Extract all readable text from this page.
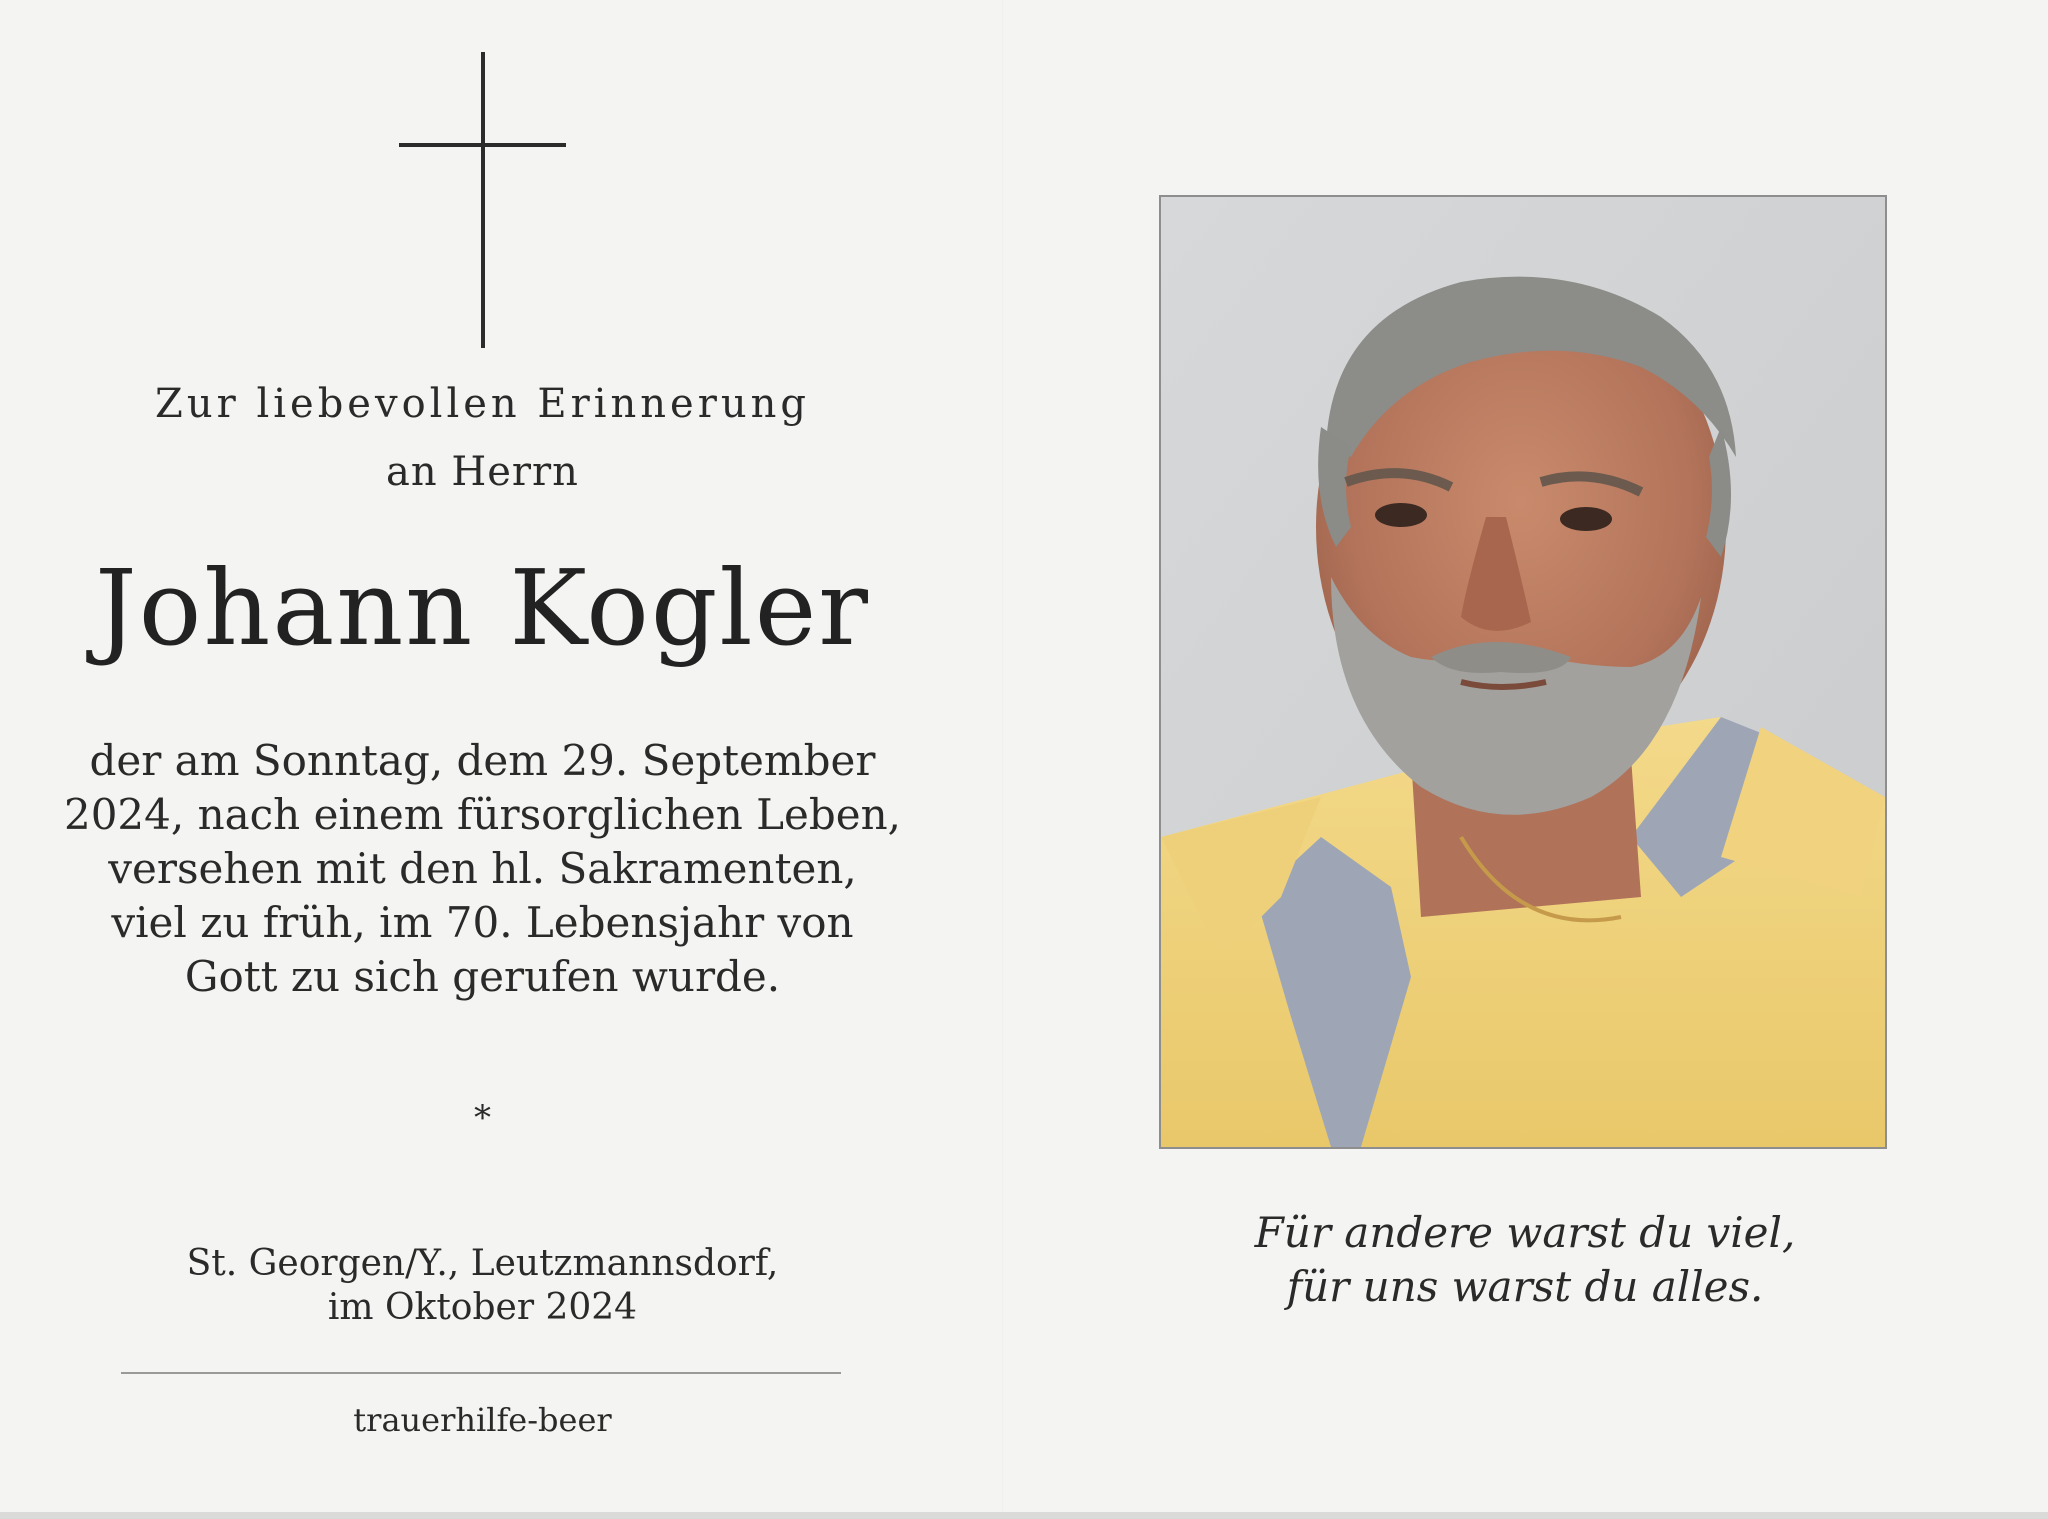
Zur liebevollen Erinnerung
an Herrn
Johann Kogler
der am Sonntag, dem 29. September
2024, nach einem fürsorglichen Leben,
versehen mit den hl. Sakramenten,
viel zu früh, im 70. Lebensjahr von
Gott zu sich gerufen wurde.
*
St. Georgen/Y., Leutzmannsdorf,
im Oktober 2024
trauerhilfe-beer
Für andere warst du viel,
für uns warst du alles.
